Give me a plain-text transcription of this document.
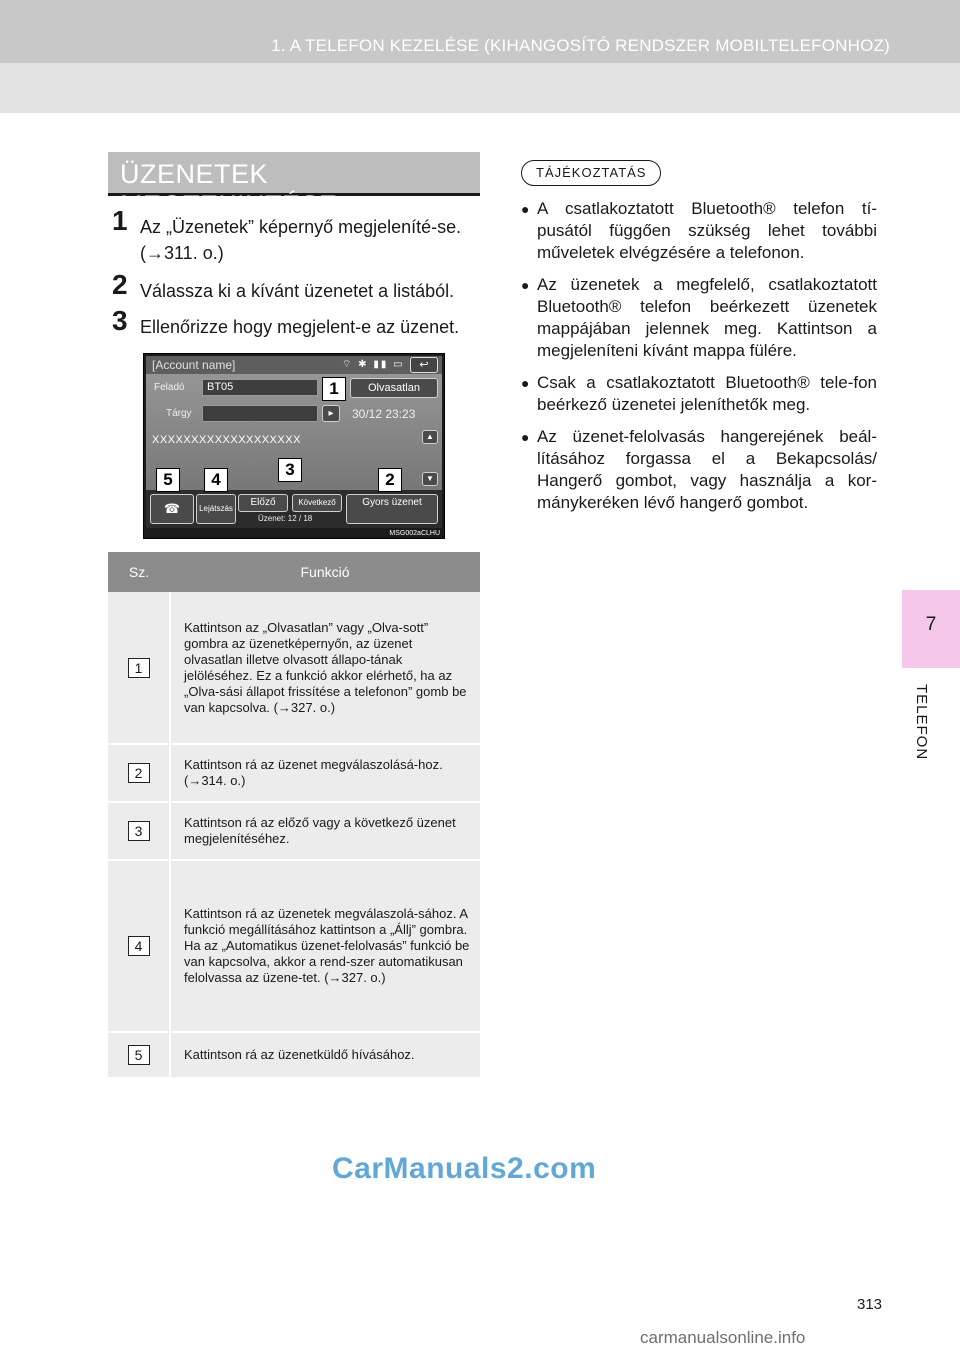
1. A TELEFON KEZELÉSE (KIHANGOSÍTÓ RENDSZER MOBILTELEFONHOZ)
7
TELEFON
ÜZENETEK MEGTEKINTÉSE
1 Az „Üzenetek” képernyő megjeleníté-se. (→311. o.)
2 Válassza ki a kívánt üzenetet a listából.
3 Ellenőrizze hogy megjelent-e az üzenet.
[Account name]	⌔ ✱ ▮▮ ▭	↩
Feladó	BT05	Olvasatlan
Tárgy	▸	30/12 23:23
XXXXXXXXXXXXXXXXXXX	▲
▼
☎	Lejátszás
Előző	Következő
Üzenet: 12 / 18
Gyors üzenet
MSG002aCLHU
1
2
3
4
5
Sz.	Funkció
1	Kattintson az „Olvasatlan” vagy „Olva-sott” gombra az üzenetképernyőn, az üzenet olvasatlan illetve olvasott állapo-tának jelöléséhez. Ez a funkció akkor elérhető, ha az „Olva-sási állapot frissítése a telefonon” gomb be van kapcsolva. (→327. o.)
2	Kattintson rá az üzenet megválaszolásá-hoz. (→314. o.)
3	Kattintson rá az előző vagy a következő üzenet megjelenítéséhez.
4	Kattintson rá az üzenetek megválaszolá-sához. A funkció megállításához kattintson a „Állj” gombra. Ha az „Automatikus üzenet-felolvasás” funkció be van kapcsolva, akkor a rend-szer automatikusan felolvassa az üzene-tet. (→327. o.)
5	Kattintson rá az üzenetküldő hívásához.
TÁJÉKOZTATÁS
● A csatlakoztatott Bluetooth® telefon tí-pusától függően szükség lehet további műveletek elvégzésére a telefonon.
● Az üzenetek a megfelelő, csatlakoztatott Bluetooth® telefon beérkezett üzenetek mappájában jelennek meg. Kattintson a megjeleníteni kívánt mappa fülére.
● Csak a csatlakoztatott Bluetooth® tele-fon beérkező üzenetei jeleníthetők meg.
● Az üzenet-felolvasás hangerejének beál-lításához forgassa el a Bekapcsolás/ Hangerő gombot, vagy használja a kor-mánykeréken lévő hangerő gombot.
CarManuals2.com
313
carmanualsonline.info
